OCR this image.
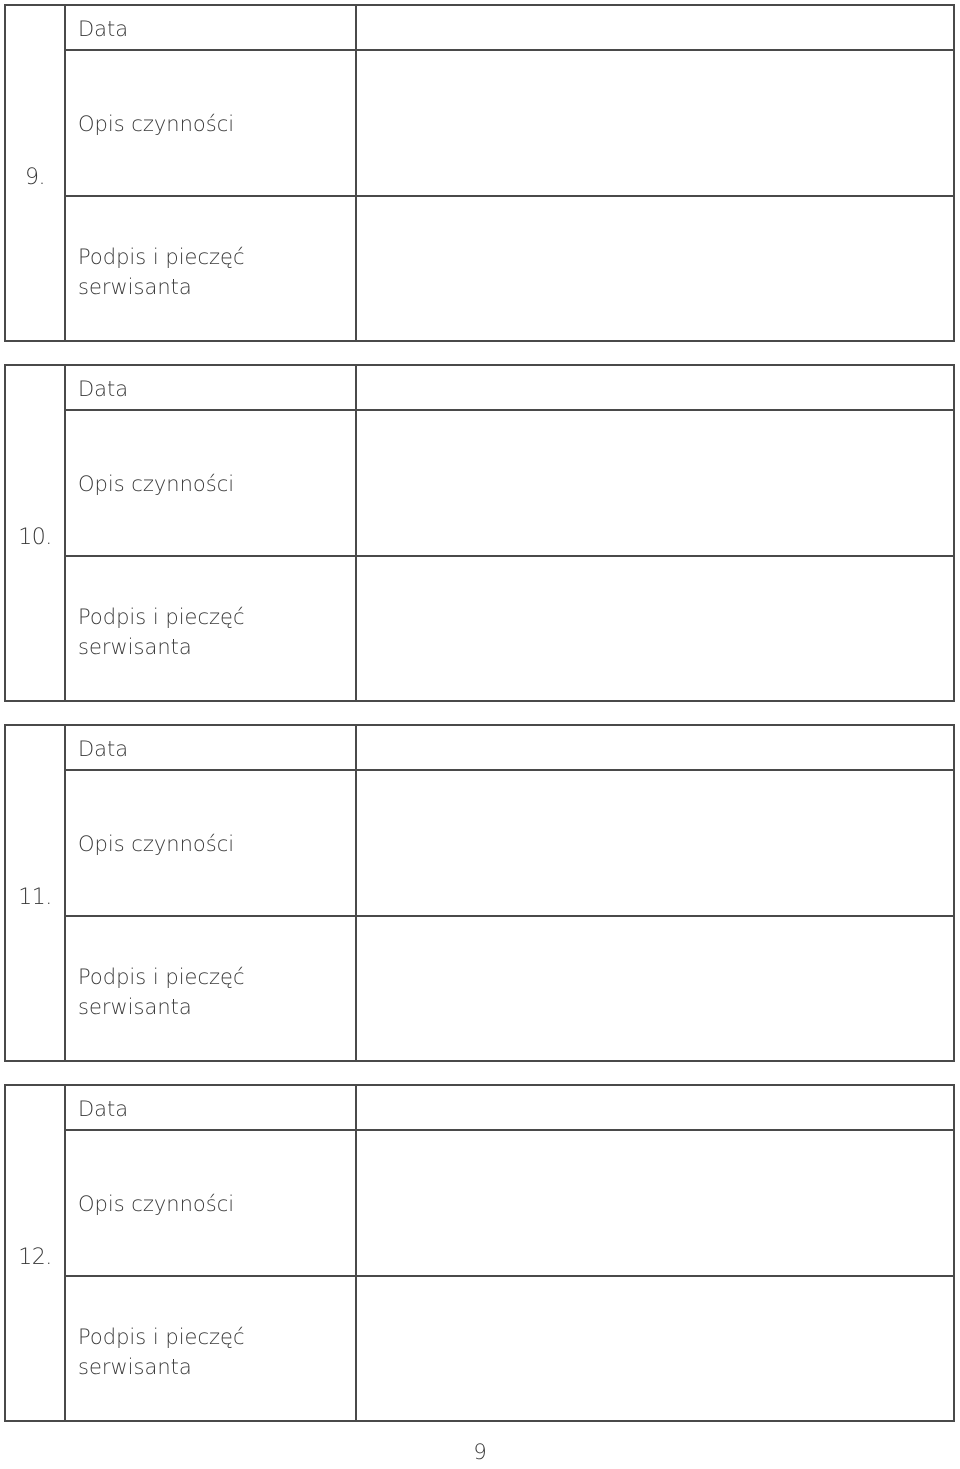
9.
Data
Opis czynności
Podpis i pieczęć
serwisanta
10.
Data
Opis czynności
Podpis i pieczęć
serwisanta
11.
Data
Opis czynności
Podpis i pieczęć
serwisanta
12.
Data
Opis czynności
Podpis i pieczęć
serwisanta
9
